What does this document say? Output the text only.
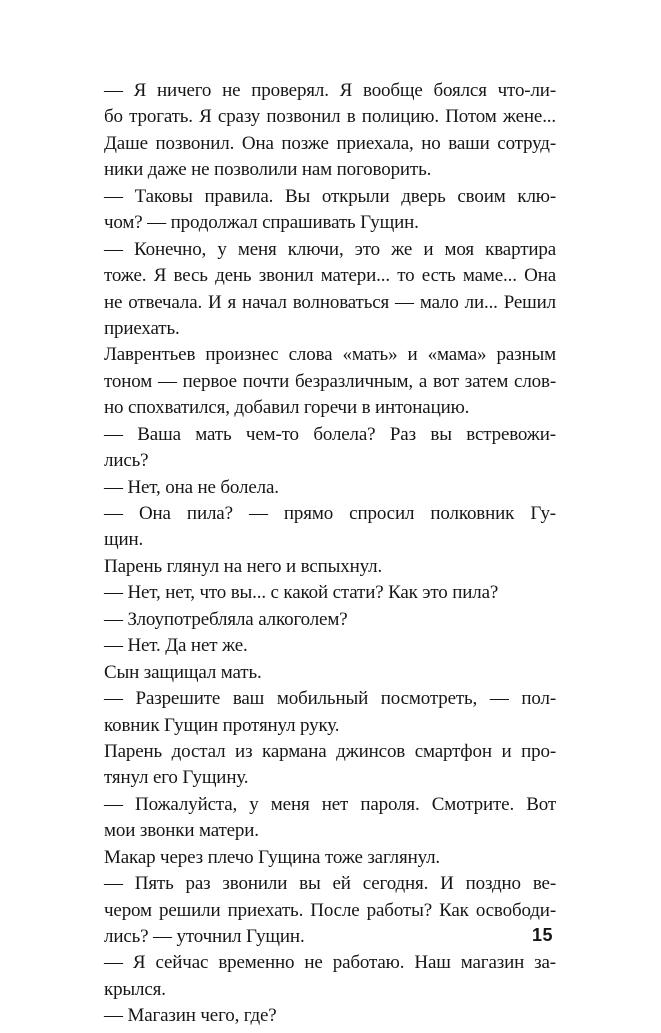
— Я ничего не проверял. Я вообще боялся что-ли-
бо трогать. Я сразу позвонил в полицию. Потом жене...
Даше позвонил. Она позже приехала, но ваши сотруд-
ники даже не позволили нам поговорить.
— Таковы правила. Вы открыли дверь своим клю-
чом? — продолжал спрашивать Гущин.
— Конечно, у меня ключи, это же и моя квартира
тоже. Я весь день звонил матери... то есть маме... Она
не отвечала. И я начал волноваться — мало ли... Решил
приехать.
Лаврентьев произнес слова «мать» и «мама» разным
тоном — первое почти безразличным, а вот затем слов-
но спохватился, добавил горечи в интонацию.
— Ваша мать чем-то болела? Раз вы встревожи-
лись?
— Нет, она не болела.
— Она пила? — прямо спросил полковник Гу-
щин.
Парень глянул на него и вспыхнул.
— Нет, нет, что вы... с какой стати? Как это пила?
— Злоупотребляла алкоголем?
— Нет. Да нет же.
Сын защищал мать.
— Разрешите ваш мобильный посмотреть, — пол-
ковник Гущин протянул руку.
Парень достал из кармана джинсов смартфон и про-
тянул его Гущину.
— Пожалуйста, у меня нет пароля. Смотрите. Вот
мои звонки матери.
Макар через плечо Гущина тоже заглянул.
— Пять раз звонили вы ей сегодня. И поздно ве-
чером решили приехать. После работы? Как освободи-
лись? — уточнил Гущин.
— Я сейчас временно не работаю. Наш магазин за-
крылся.
— Магазин чего, где?
15
